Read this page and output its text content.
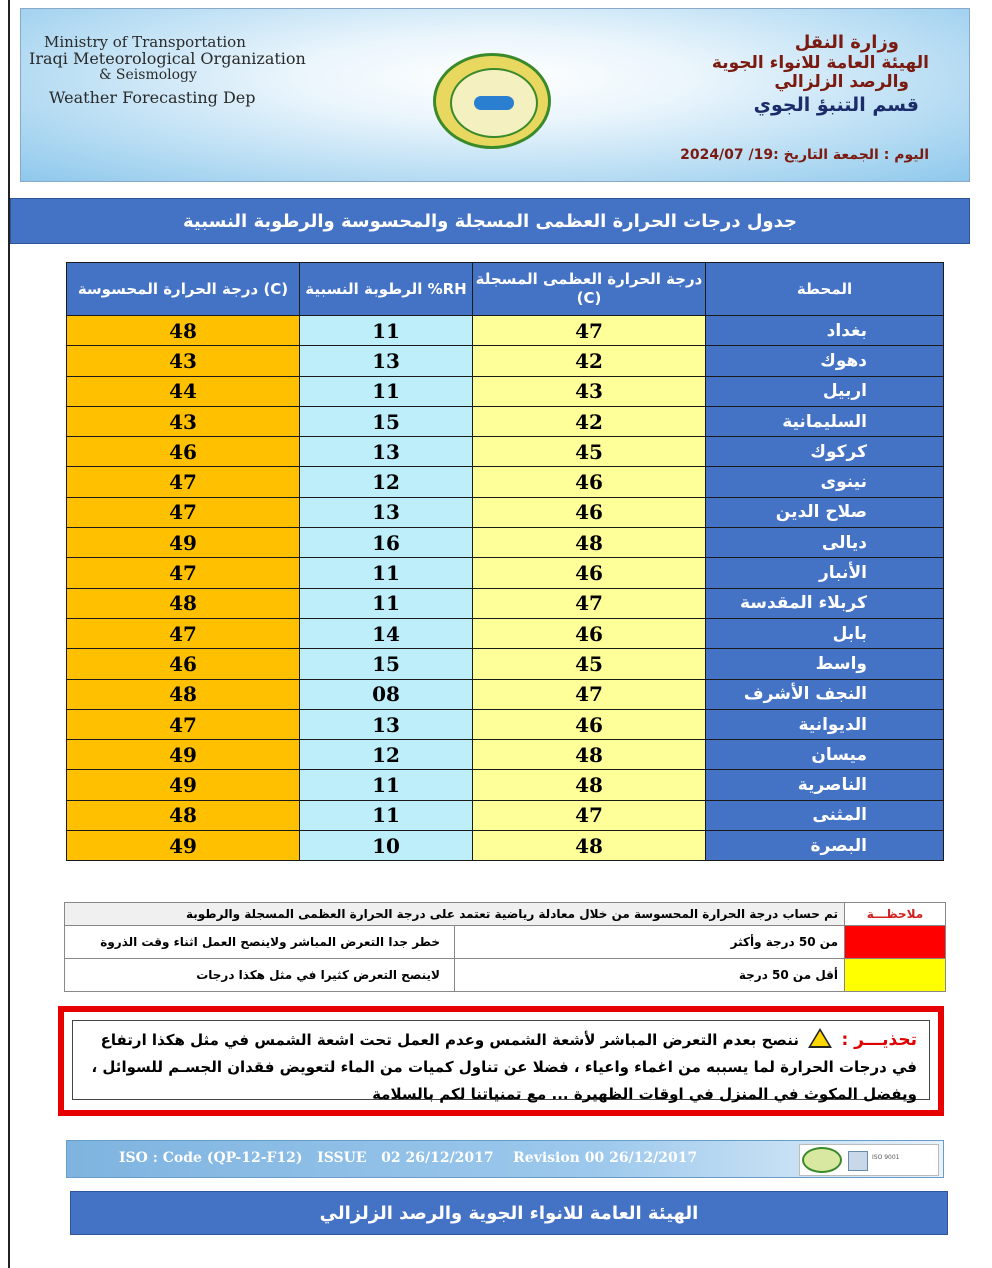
Ministry of Transportation
Iraqi Meteorological Organization
& Seismology
Weather Forecasting Dep
وزارة النقل
الهيئة العامة للانواء الجوية
والرصد الزلزالي
قسم التنبؤ الجوي
اليوم : الجمعة التاريخ :19/ 2024/07
جدول درجات الحرارة العظمى المسجلة والمحسوسة والرطوبة النسبية
درجة الحرارة المحسوسة (C)	الرطوبة النسبية %RH	درجة الحرارة العظمى المسجلة (C)	المحطة
48	11	47	بغداد
43	13	42	دهوك
44	11	43	اربيل
43	15	42	السليمانية
46	13	45	كركوك
47	12	46	نينوى
47	13	46	صلاح الدين
49	16	48	ديالى
47	11	46	الأنبار
48	11	47	كربلاء المقدسة
47	14	46	بابل
46	15	45	واسط
48	08	47	النجف الأشرف
47	13	46	الديوانية
49	12	48	ميسان
49	11	48	الناصرية
48	11	47	المثنى
49	10	48	البصرة
ملاحظـــة	تم حساب درجة الحرارة المحسوسة من خلال معادلة رياضية تعتمد على درجة الحرارة العظمى المسجلة والرطوبة	
	من 50 درجة وأكثر	خطر جدا التعرض المباشر ولاينصح العمل اثناء وقت الذروة
	أقل من 50 درجة	لاينصح التعرض كثيرا في مثل هكذا درجات
تحذيـــر :  ننصح بعدم التعرض المباشر لأشعة الشمس وعدم العمل تحت اشعة الشمس في مثل هكذا ارتفاع في درجات الحرارة لما يسببه من اغماء واعياء ، فضلا عن تناول كميات من الماء لتعويض فقدان الجسـم للسوائل ، ويفضل المكوث في المنزل في اوقات الظهيرة ... مع تمنياتنا لكم بالسلامة
ISO : Code (QP-12-F12)   ISSUE   02 26/12/2017    Revision 00 26/12/2017	ISO 9001
الهيئة العامة للانواء الجوية والرصد الزلزالي
